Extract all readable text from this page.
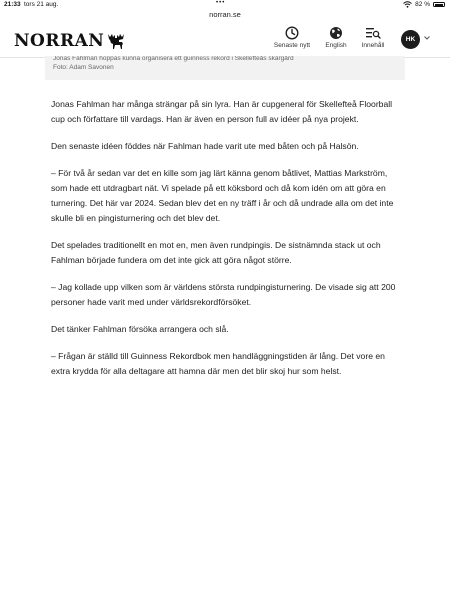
21:33 tors 21 aug.	•••	82 %
norran.se
NORRAN	Senaste nytt	English	Innehåll
HK
Jonas Fahlman hoppas kunna organisera ett guinness rekord i Skellefteås skärgård
Foto: Adam Savonen

Jonas Fahlman har många strängar på sin lyra. Han är cupgeneral för Skellefteå Floorball cup och författare till vardags. Han är även en person full av idéer på nya projekt.

Den senaste idéen föddes när Fahlman hade varit ute med båten och på Halsön.

– För två år sedan var det en kille som jag lärt känna genom båtlivet, Mattias Markström, som hade ett utdragbart nät. Vi spelade på ett köksbord och då kom idén om att göra en turnering. Det här var 2024. Sedan blev det en ny träff i år och då undrade alla om det inte skulle bli en pingisturnering och det blev det.

Det spelades traditionellt en mot en, men även rundpingis. De sistnämnda stack ut och Fahlman började fundera om det inte gick att göra något större.

– Jag kollade upp vilken som är världens största rundpingisturnering. De visade sig att 200 personer hade varit med under världsrekordförsöket.

Det tänker Fahlman försöka arrangera och slå.

– Frågan är ställd till Guinness Rekordbok men handläggningstiden är lång. Det vore en extra krydda för alla deltagare att hamna där men det blir skoj hur som helst.
